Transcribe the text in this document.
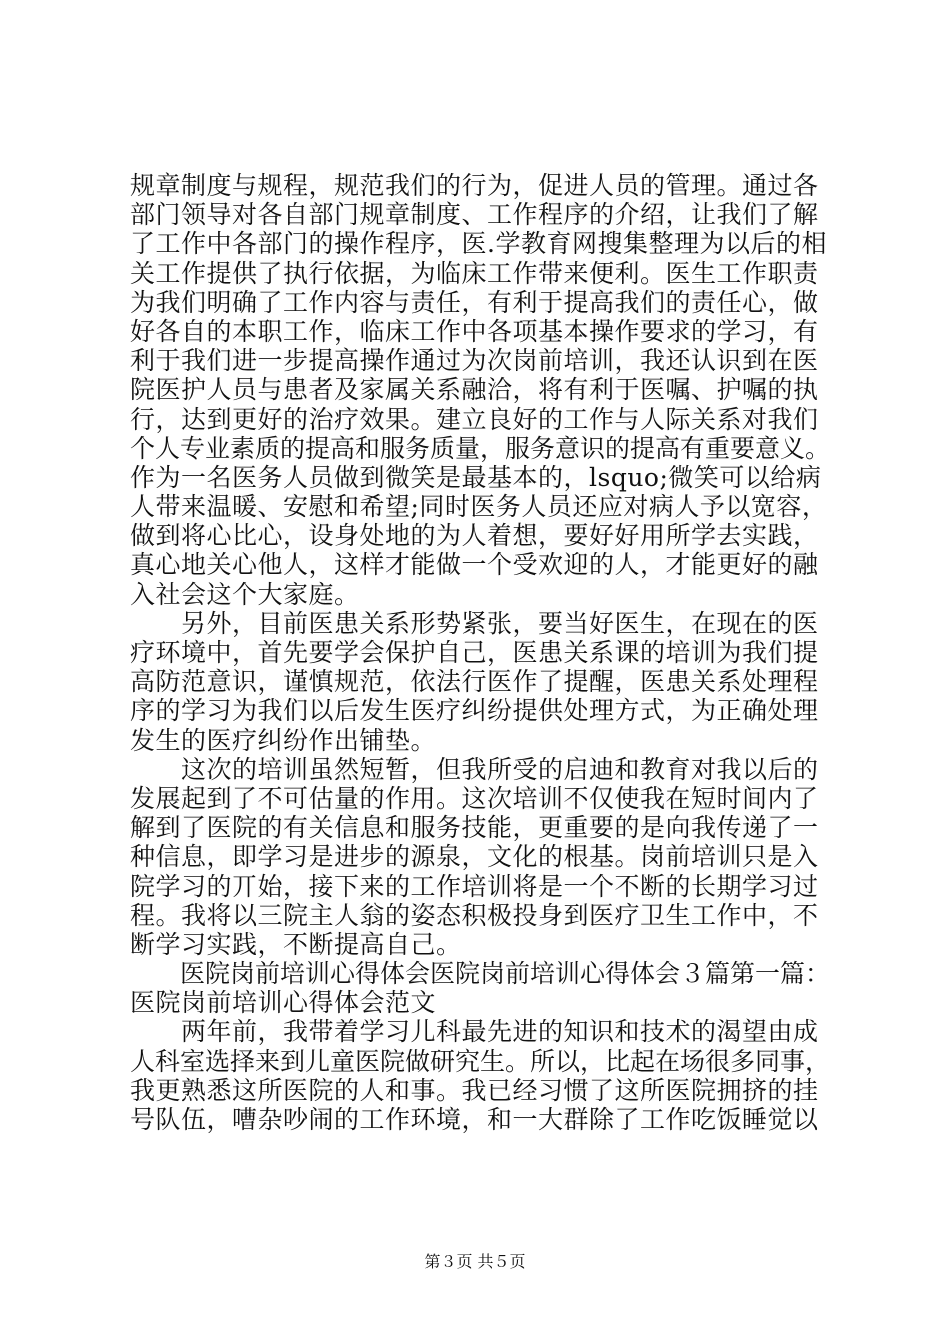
规章制度与规程，规范我们的行为，促进人员的管理。通过各
部门领导对各自部门规章制度、工作程序的介绍，让我们了解
了工作中各部门的操作程序，医.学教育网搜集整理为以后的相
关工作提供了执行依据，为临床工作带来便利。医生工作职责
为我们明确了工作内容与责任，有利于提高我们的责任心，做
好各自的本职工作，临床工作中各项基本操作要求的学习，有
利于我们进一步提高操作通过为次岗前培训，我还认识到在医
院医护人员与患者及家属关系融洽，将有利于医嘱、护嘱的执
行，达到更好的治疗效果。建立良好的工作与人际关系对我们
个人专业素质的提高和服务质量，服务意识的提高有重要意义。
作为一名医务人员做到微笑是最基本的，lsquo;微笑可以给病
人带来温暖、安慰和希望;同时医务人员还应对病人予以宽容，
做到将心比心，设身处地的为人着想，要好好用所学去实践，
真心地关心他人，这样才能做一个受欢迎的人，才能更好的融
入社会这个大家庭。
　　另外，目前医患关系形势紧张，要当好医生，在现在的医
疗环境中，首先要学会保护自己，医患关系课的培训为我们提
高防范意识，谨慎规范，依法行医作了提醒，医患关系处理程
序的学习为我们以后发生医疗纠纷提供处理方式，为正确处理
发生的医疗纠纷作出铺垫。
　　这次的培训虽然短暂，但我所受的启迪和教育对我以后的
发展起到了不可估量的作用。这次培训不仅使我在短时间内了
解到了医院的有关信息和服务技能，更重要的是向我传递了一
种信息，即学习是进步的源泉，文化的根基。岗前培训只是入
院学习的丌始，接下来的工作培训将是一个不断的长期学习过
程。我将以三院主人翁的姿态积极投身到医疗卫生工作中，不
断学习实践，不断提高自己。
　　医院岗前培训心得体会医院岗前培训心得体会３篇第一篇：
医院岗前培训心得体会范文
　　两年前，我带着学习儿科最先进的知识和技术的渴望由成
人科室选择来到儿童医院做研究生。所以，比起在场很多同事，
我更熟悉这所医院的人和事。我已经习惯了这所医院拥挤的挂
号队伍，嘈杂吵闹的工作环境，和一大群除了工作吃饭睡觉以
第３页 共５页
